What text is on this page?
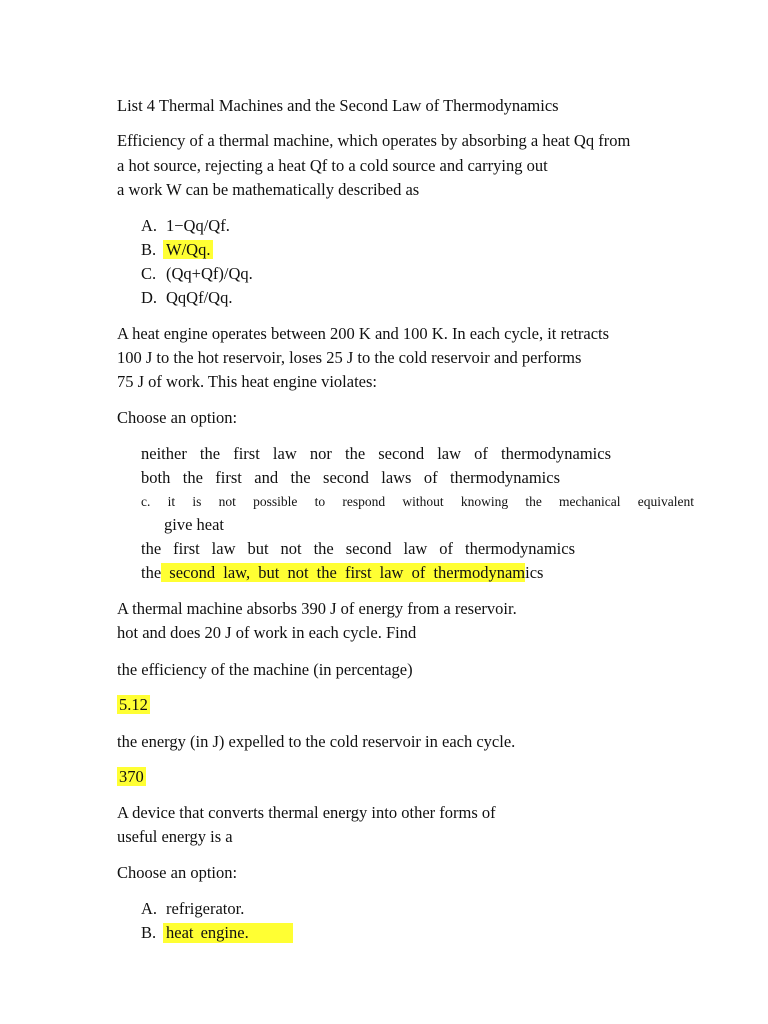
List 4 Thermal Machines and the Second Law of Thermodynamics
Efficiency of a thermal machine, which operates by absorbing a heat Qq from
a hot source, rejecting a heat Qf to a cold source and carrying out
a work W can be mathematically described as
A. 1−Qq/Qf.
B. W/Qq.
C. (Qq+Qf)/Qq.
D. QqQf/Qq.
A heat engine operates between 200 K and 100 K. In each cycle, it retracts
100 J to the hot reservoir, loses 25 J to the cold reservoir and performs
75 J of work. This heat engine violates:
Choose an option:
neither the first law nor the second law of thermodynamics
both the first and the second laws of thermodynamics
c. it is not possible to respond without knowing the mechanical equivalent
give heat
the first law but not the second law of thermodynamics
the second law, but not the first law of thermodynamics
A thermal machine absorbs 390 J of energy from a reservoir.
hot and does 20 J of work in each cycle. Find
the efficiency of the machine (in percentage)
5.12
the energy (in J) expelled to the cold reservoir in each cycle.
370
A device that converts thermal energy into other forms of
useful energy is a
Choose an option:
A. refrigerator.
B. heat engine.
